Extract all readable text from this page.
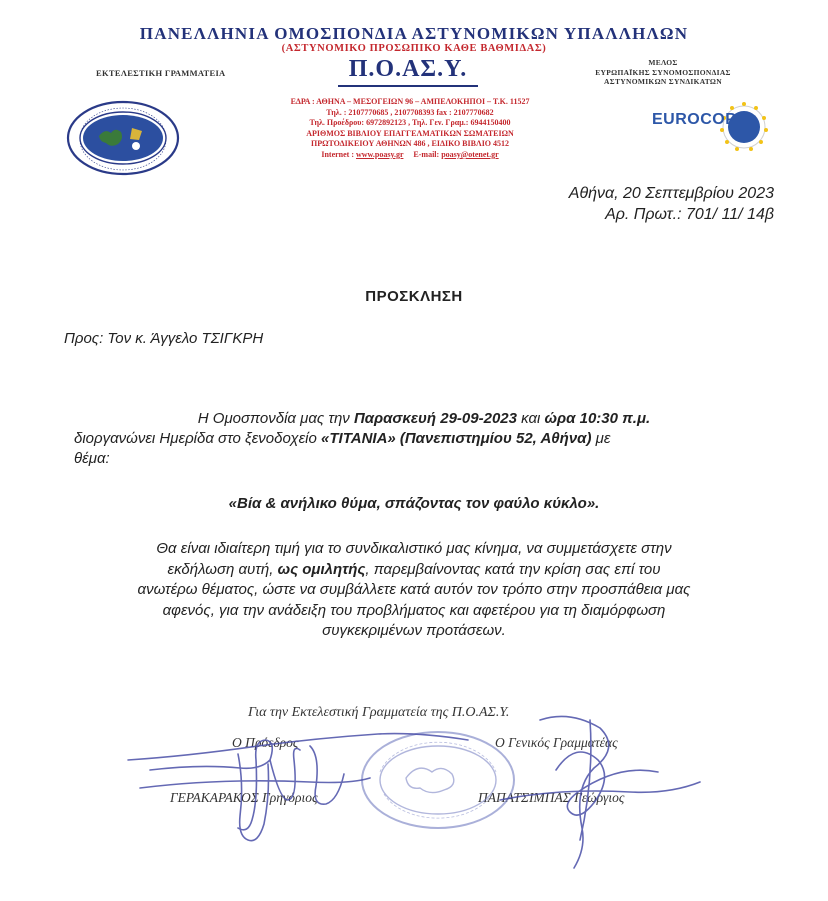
ΠΑΝΕΛΛΗΝΙΑ ΟΜΟΣΠΟΝΔΙΑ ΑΣΤΥΝΟΜΙΚΩΝ ΥΠΑΛΛΗΛΩΝ
(ΑΣΤΥΝΟΜΙΚΟ ΠΡΟΣΩΠΙΚΟ ΚΑΘΕ ΒΑΘΜΙΔΑΣ)
ΕΚΤΕΛΕΣΤΙΚΗ ΓΡΑΜΜΑΤΕΙΑ	Π.Ο.ΑΣ.Υ.	ΜΕΛΟΣ
ΕΥΡΩΠΑΪΚΗΣ ΣΥΝΟΜΟΣΠΟΝΔΙΑΣ
ΑΣΤΥΝΟΜΙΚΩΝ ΣΥΝΔΙΚΑΤΩΝ
ΕΔΡΑ : ΑΘΗΝΑ – ΜΕΣΟΓΕΙΩΝ 96 – ΑΜΠΕΛΟΚΗΠΟΙ – Τ.Κ. 11527
Τηλ. : 2107770685 , 2107708393 fax : 2107770682
Τηλ. Προέδρου: 6972892123 , Τηλ. Γεν. Γραμ.: 6944150400
ΑΡΙΘΜΟΣ ΒΙΒΛΙΟΥ ΕΠΑΓΓΕΛΜΑΤΙΚΩΝ ΣΩΜΑΤΕΙΩΝ
ΠΡΩΤΟΔΙΚΕΙΟΥ ΑΘΗΝΩΝ 486 , ΕΙΔΙΚΟ ΒΙΒΛΙΟ 4512
Internet : www.poasy.gr E-mail: poasy@otenet.gr
EUROCOP
Αθήνα, 20 Σεπτεμβρίου 2023
Αρ. Πρωτ.: 701/ 11/ 14β
ΠΡΟΣΚΛΗΣΗ
Προς: Τον κ. Άγγελο ΤΣΙΓΚΡΗ
Η Ομοσπονδία μας την Παρασκευή 29-09-2023 και ώρα 10:30 π.μ.
διοργανώνει Ημερίδα στο ξενοδοχείο «TITANIA» (Πανεπιστημίου 52, Αθήνα) με
θέμα:
«Βία & ανήλικο θύμα, σπάζοντας τον φαύλο κύκλο».
Θα είναι ιδιαίτερη τιμή για το συνδικαλιστικό μας κίνημα, να συμμετάσχετε στην
εκδήλωση αυτή, ως ομιλητής, παρεμβαίνοντας κατά την κρίση σας επί του
ανωτέρω θέματος, ώστε να συμβάλλετε κατά αυτόν τον τρόπο στην προσπάθεια μας
αφενός, για την ανάδειξη του προβλήματος και αφετέρου για τη διαμόρφωση
συγκεκριμένων προτάσεων.
Για την Εκτελεστική Γραμματεία της Π.Ο.ΑΣ.Υ.
Ο Πρόεδρος	Ο Γενικός Γραμματέας
ΓΕΡΑΚΑΡΑΚΟΣ Γρηγόριος	ΠΑΠΑΤΣΙΜΠΑΣ Γεώργιος
